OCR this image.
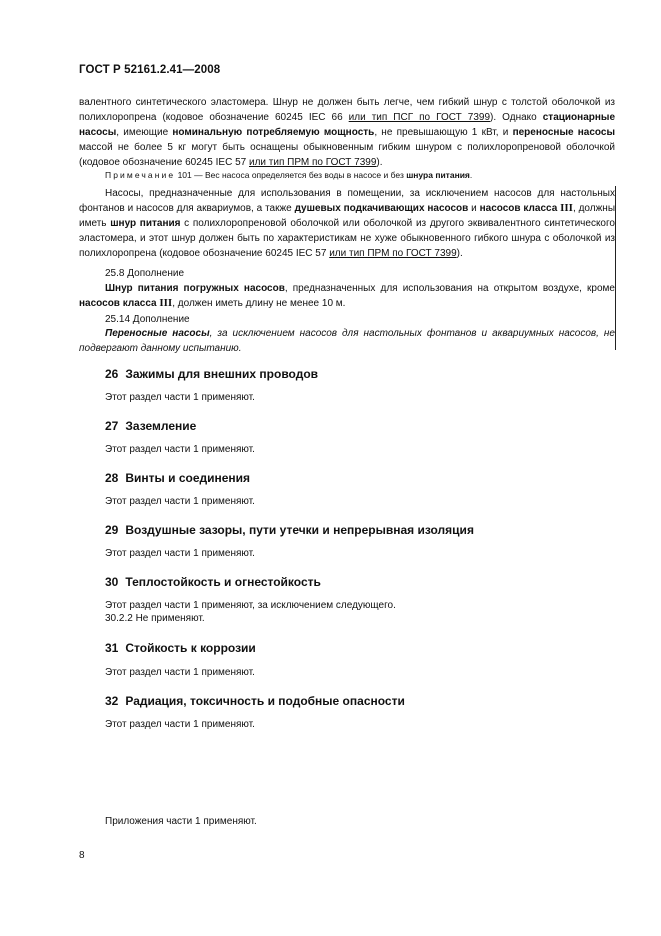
ГОСТ Р 52161.2.41—2008
валентного синтетического эластомера. Шнур не должен быть легче, чем гибкий шнур с толстой оболочкой из полихлоропрена (кодовое обозначение 60245 IEC 66 или тип ПСГ по ГОСТ 7399). Однако стационарные насосы, имеющие номинальную потребляемую мощность, не превышающую 1 кВт, и переносные насосы массой не более 5 кг могут быть оснащены обыкновенным гибким шнуром с полихлоропреновой оболочкой (кодовое обозначение 60245 IEC 57 или тип ПРМ по ГОСТ 7399).
Примечание 101 — Вес насоса определяется без воды в насосе и без шнура питания.
Насосы, предназначенные для использования в помещении, за исключением насосов для настольных фонтанов и насосов для аквариумов, а также душевых подкачивающих насосов и насосов класса III, должны иметь шнур питания с полихлоропреновой оболочкой или оболочкой из другого эквивалентного синтетического эластомера, и этот шнур должен быть по характеристикам не хуже обыкновенного гибкого шнура с оболочкой из полихлоропрена (кодовое обозначение 60245 IEC 57 или тип ПРМ по ГОСТ 7399).
25.8 Дополнение
Шнур питания погружных насосов, предназначенных для использования на открытом воздухе, кроме насосов класса III, должен иметь длину не менее 10 м.
25.14 Дополнение
Переносные насосы, за исключением насосов для настольных фонтанов и аквариумных насосов, не подвергают данному испытанию.
26 Зажимы для внешних проводов
Этот раздел части 1 применяют.
27 Заземление
Этот раздел части 1 применяют.
28 Винты и соединения
Этот раздел части 1 применяют.
29 Воздушные зазоры, пути утечки и непрерывная изоляция
Этот раздел части 1 применяют.
30 Теплостойкость и огнестойкость
Этот раздел части 1 применяют, за исключением следующего.
30.2.2 Не применяют.
31 Стойкость к коррозии
Этот раздел части 1 применяют.
32 Радиация, токсичность и подобные опасности
Этот раздел части 1 применяют.
Приложения части 1 применяют.
8
